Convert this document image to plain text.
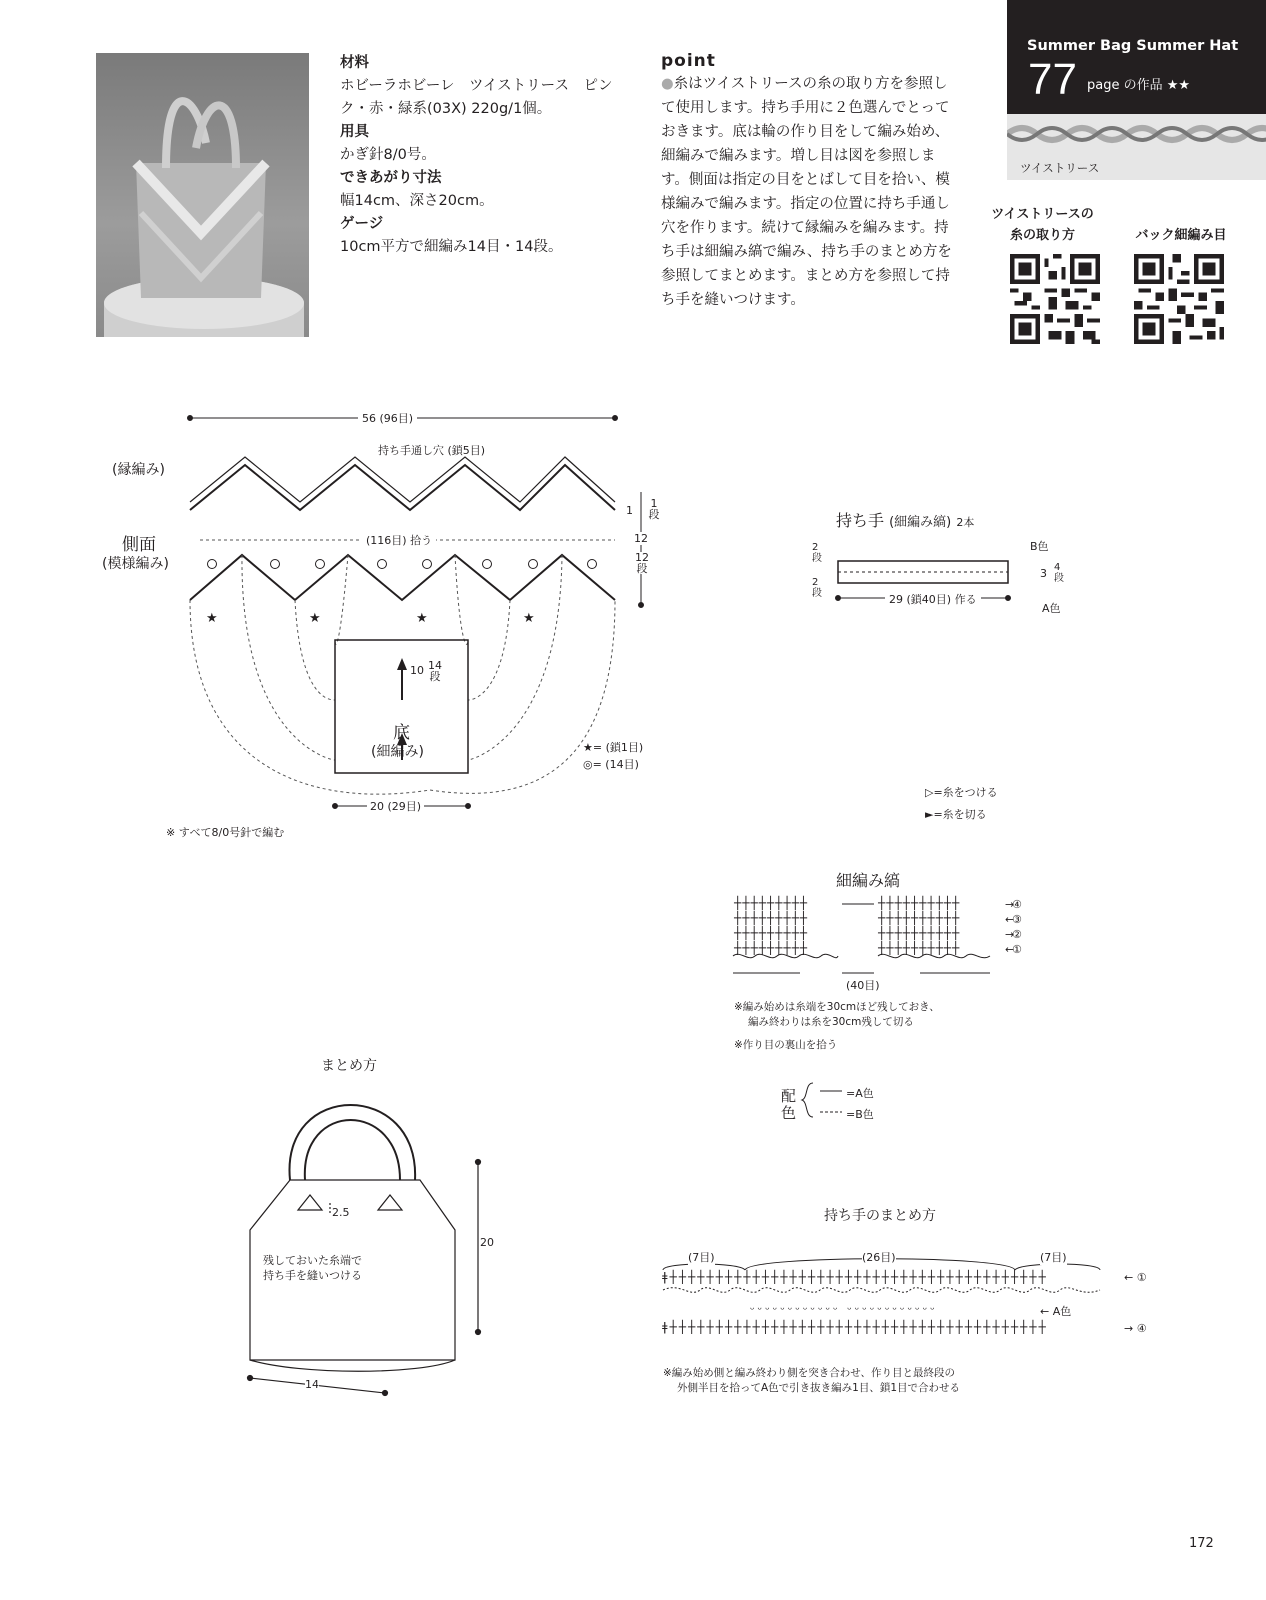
材料
ホビーラホビーレ　ツイストリース　ピンク・赤・緑系(03X) 220g/1個。
用具
かぎ針8/0号。
できあがり寸法
幅14cm、深さ20cm。
ゲージ
10cm平方で細編み14目・14段。
point
●糸はツイストリースの糸の取り方を参照して使用します。持ち手用に２色選んでとっておきます。底は輪の作り目をして編み始め、細編みで編みます。増し目は図を参照します。側面は指定の目をとばして目を拾い、模様編みで編みます。指定の位置に持ち手通し穴を作ります。続けて縁編みを編みます。持ち手は細編み縞で編み、持ち手のまとめ方を参照してまとめます。まとめ方を参照して持ち手を縫いつけます。
Summer Bag Summer Hat
77 page の作品 ★★
ツイストリース
ツイストリースの
糸の取り方	バック細編み目
★	★	★	★
56 (96目)
持ち手通し穴 (鎖5目)
(縁編み)
側面
(模様編み)
(116目) 拾う
1
1
段
12
12
段
10 14
段
底
(細編み)
20 (29目)
★= (鎖1目)
◎= (14目)
※ すべて8/0号針で編む
持ち手 (細編み縞) 2本
B色
A色
2段
2段
3 4段
29 (鎖40目) 作る
▷=糸をつける
►=糸を切る
細編み縞
┼┼┼┼┼┼┼┼┼
┼┼┼┼┼┼┼┼┼
┼┼┼┼┼┼┼┼┼
┼┼┼┼┼┼┼┼┼
┼┼┼┼┼┼┼┼┼┼
┼┼┼┼┼┼┼┼┼┼
┼┼┼┼┼┼┼┼┼┼
┼┼┼┼┼┼┼┼┼┼
④
③
②
①
→
←
→
←
(40目)
※編み始めは糸端を30cmほど残しておき、
編み終わりは糸を30cm残して切る
※作り目の裏山を拾う
配色
=A色
=B色
まとめ方
20
14
2.5
残しておいた糸端で
持ち手を縫いつける
持ち手のまとめ方
(7目)	(26目)	(7目)
ǂ┼┼┼┼┼┼┼┼┼┼┼┼┼┼┼┼┼┼┼┼┼┼┼┼┼┼┼┼┼┼┼┼┼┼┼┼┼┼┼┼┼
ᵕᵕᵕᵕᵕᵕᵕᵕᵕᵕᵕᵕ ᵕᵕᵕᵕᵕᵕᵕᵕᵕᵕᵕᵕ
ǂ┼┼┼┼┼┼┼┼┼┼┼┼┼┼┼┼┼┼┼┼┼┼┼┼┼┼┼┼┼┼┼┼┼┼┼┼┼┼┼┼┼
← ①
→ ④
← A色
※編み始め側と編み終わり側を突き合わせ、作り目と最終段の
外側半目を拾ってA色で引き抜き編み1目、鎖1目で合わせる
172
